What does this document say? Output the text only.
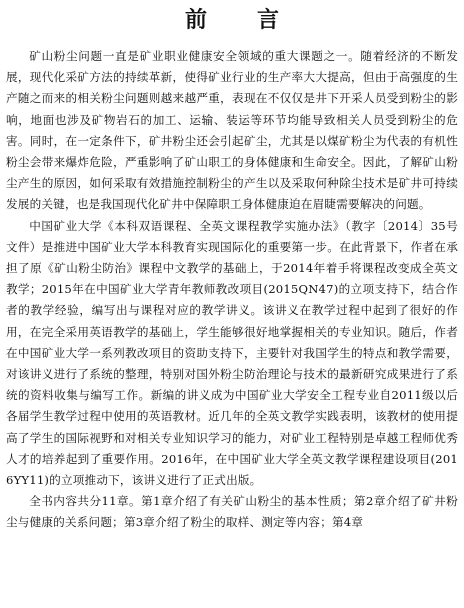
前　言

矿山粉尘问题一直是矿业职业健康安全领域的重大课题之一。随着经济的不断发展，现代化采矿方法的持续革新，使得矿业行业的生产率大大提高，但由于高强度的生产随之而来的相关粉尘问题则越来越严重，表现在不仅仅是井下开采人员受到粉尘的影响，地面也涉及矿物岩石的加工、运输、装运等环节均能导致相关人员受到粉尘的危害。同时，在一定条件下，矿井粉尘还会引起矿尘，尤其是以煤矿粉尘为代表的有机性粉尘会带来爆炸危险，严重影响了矿山职工的身体健康和生命安全。因此，了解矿山粉尘产生的原因，如何采取有效措施控制粉尘的产生以及采取何种除尘技术是矿井可持续发展的关键，也是我国现代化矿井中保障职工身体健康迫在眉睫需要解决的问题。

中国矿业大学《本科双语课程、全英文课程教学实施办法》（教字〔2014〕35号文件）是推进中国矿业大学本科教育实现国际化的重要第一步。在此背景下，作者在承担了原《矿山粉尘防治》课程中文教学的基础上，于2014年着手将课程改变成全英文教学；2015年在中国矿业大学青年教师教改项目(2015QN47)的立项支持下，结合作者的教学经验，编写出与课程对应的教学讲义。该讲义在教学过程中起到了很好的作用，在完全采用英语教学的基础上，学生能够很好地掌握相关的专业知识。随后，作者在中国矿业大学一系列教改项目的资助支持下，主要针对我国学生的特点和教学需要，对该讲义进行了系统的整理，特别对国外粉尘防治理论与技术的最新研究成果进行了系统的资料收集与编写工作。新编的讲义成为中国矿业大学安全工程专业自2011级以后各届学生教学过程中使用的英语教材。近几年的全英文教学实践表明，该教材的使用提高了学生的国际视野和对相关专业知识学习的能力，对矿业工程特别是卓越工程师优秀人才的培养起到了重要作用。2016年，在中国矿业大学全英文教学课程建设项目(2016YY11)的立项推动下，该讲义进行了正式出版。

全书内容共分11章。第1章介绍了有关矿山粉尘的基本性质；第2章介绍了矿井粉尘与健康的关系问题；第3章介绍了粉尘的取样、测定等内容；第4章
